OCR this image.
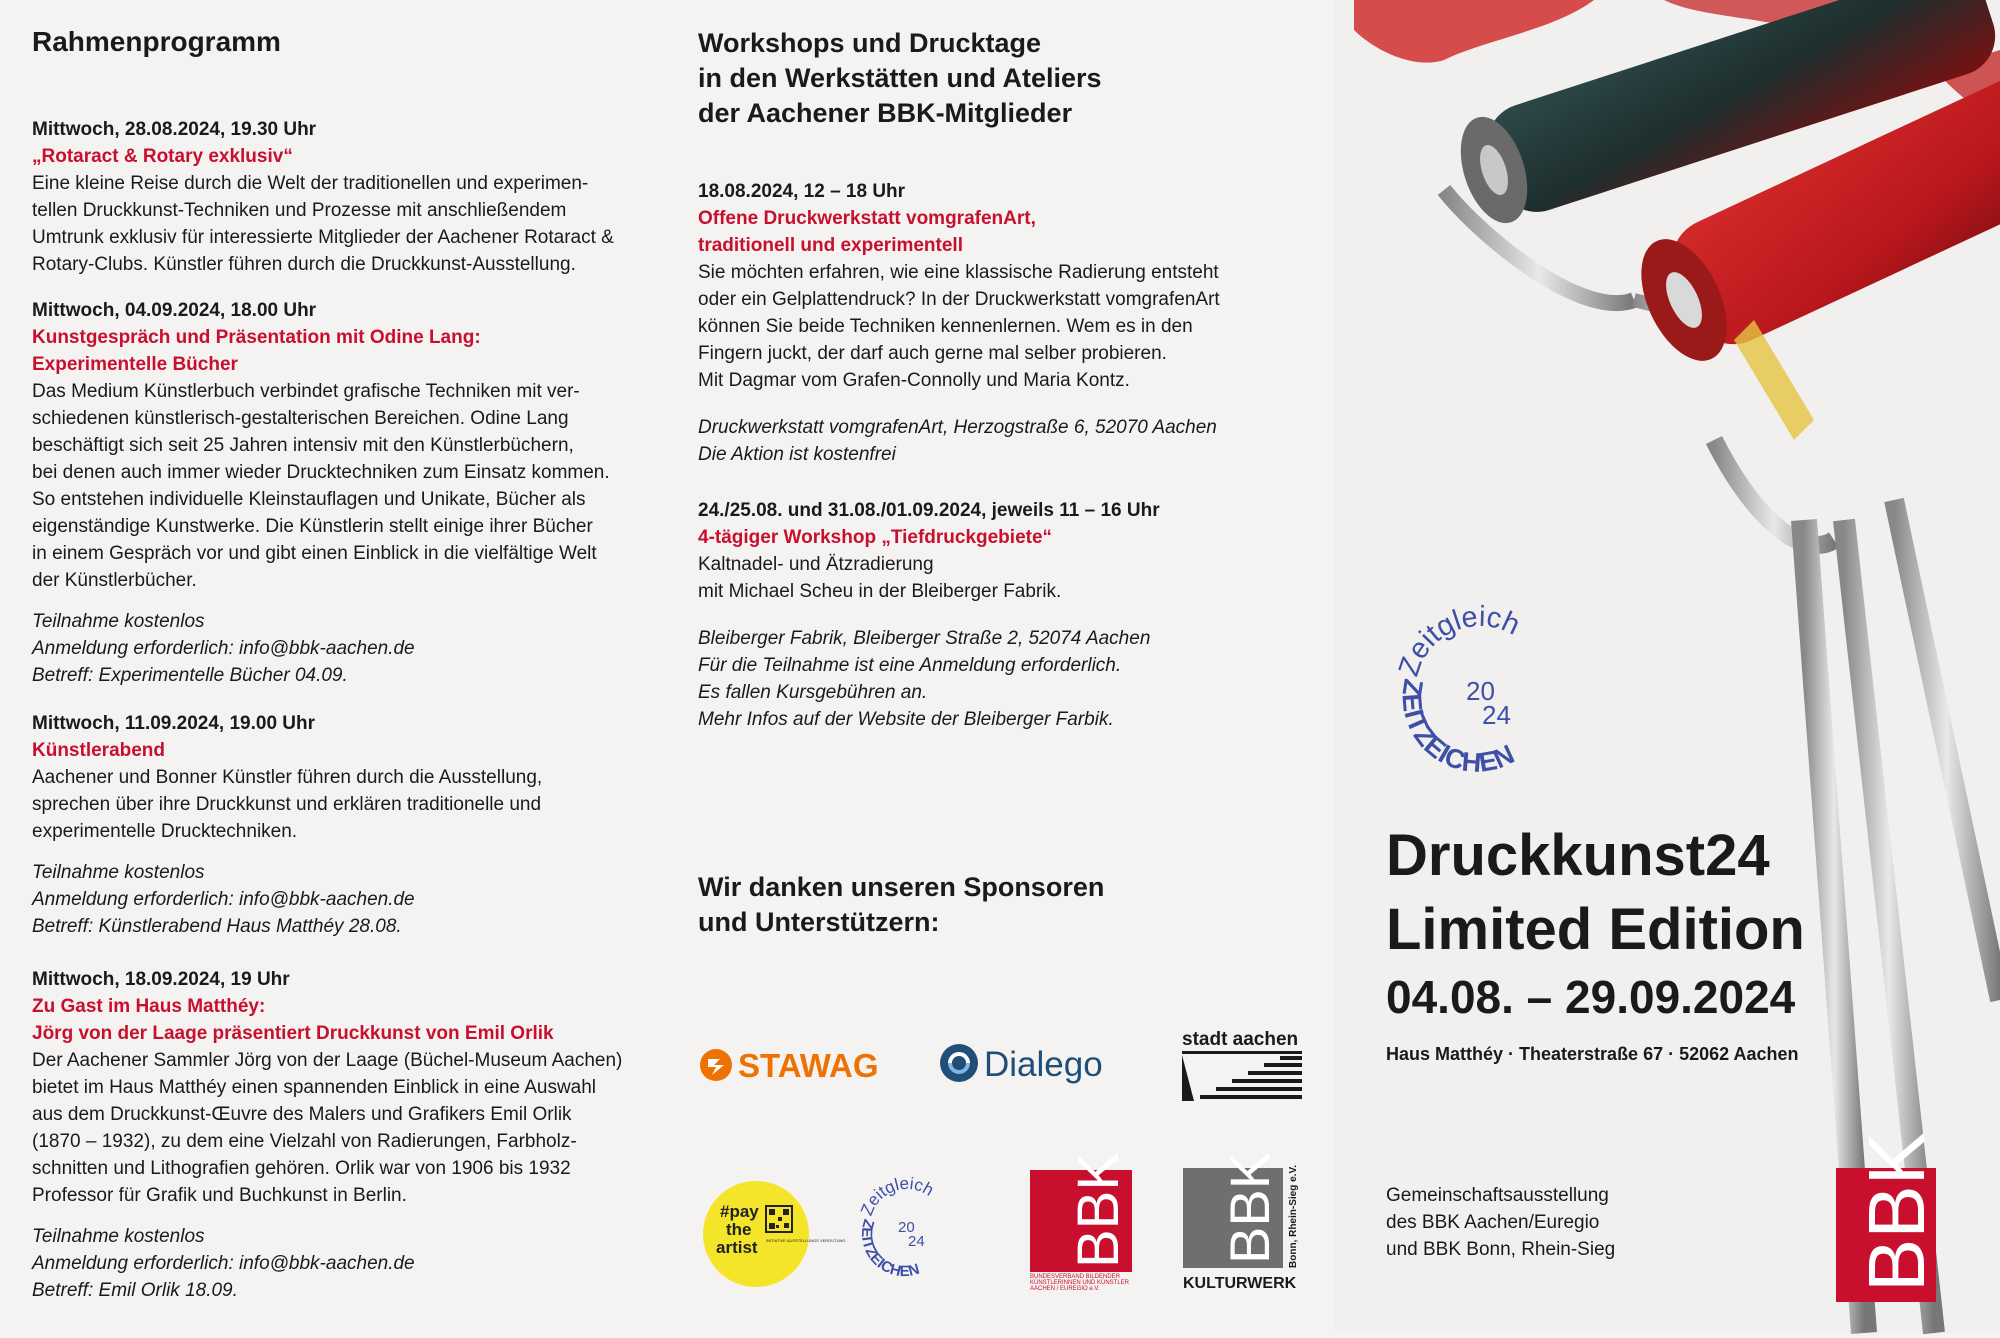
Rahmenprogramm
Mittwoch, 28.08.2024, 19.30 Uhr
„Rotaract & Rotary exklusiv“
Eine kleine Reise durch die Welt der traditionellen und experimen-
tellen Druckkunst-Techniken und Prozesse mit anschließendem
Umtrunk exklusiv für interessierte Mitglieder der Aachener Rotaract &
Rotary-Clubs. Künstler führen durch die Druckkunst-Ausstellung.
Mittwoch, 04.09.2024, 18.00 Uhr
Kunstgespräch und Präsentation mit Odine Lang:
Experimentelle Bücher
Das Medium Künstlerbuch verbindet grafische Techniken mit ver-
schiedenen künstlerisch-gestalterischen Bereichen. Odine Lang
beschäftigt sich seit 25 Jahren intensiv mit den Künstlerbüchern,
bei denen auch immer wieder Drucktechniken zum Einsatz kommen.
So entstehen individuelle Kleinstauflagen und Unikate, Bücher als
eigenständige Kunstwerke. Die Künstlerin stellt einige ihrer Bücher
in einem Gespräch vor und gibt einen Einblick in die vielfältige Welt
der Künstlerbücher.
Teilnahme kostenlos
Anmeldung erforderlich: info@bbk-aachen.de
Betreff: Experimentelle Bücher 04.09.
Mittwoch, 11.09.2024, 19.00 Uhr
Künstlerabend
Aachener und Bonner Künstler führen durch die Ausstellung,
sprechen über ihre Druckkunst und erklären traditionelle und
experimentelle Drucktechniken.
Teilnahme kostenlos
Anmeldung erforderlich: info@bbk-aachen.de
Betreff: Künstlerabend Haus Matthéy 28.08.
Mittwoch, 18.09.2024, 19 Uhr
Zu Gast im Haus Matthéy:
Jörg von der Laage präsentiert Druckkunst von Emil Orlik
Der Aachener Sammler Jörg von der Laage (Büchel-Museum Aachen)
bietet im Haus Matthéy einen spannenden Einblick in eine Auswahl
aus dem Druckkunst-Œuvre des Malers und Grafikers Emil Orlik
(1870 – 1932), zu dem eine Vielzahl von Radierungen, Farbholz-
schnitten und Lithografien gehören. Orlik war von 1906 bis 1932
Professor für Grafik und Buchkunst in Berlin.
Teilnahme kostenlos
Anmeldung erforderlich: info@bbk-aachen.de
Betreff: Emil Orlik 18.09.
Workshops und Drucktage
in den Werkstätten und Ateliers
der Aachener BBK-Mitglieder
18.08.2024, 12 – 18 Uhr
Offene Druckwerkstatt vomgrafenArt,
traditionell und experimentell
Sie möchten erfahren, wie eine klassische Radierung entsteht
oder ein Gelplattendruck? In der Druckwerkstatt vomgrafenArt
können Sie beide Techniken kennenlernen. Wem es in den
Fingern juckt, der darf auch gerne mal selber probieren.
Mit Dagmar vom Grafen-Connolly und Maria Kontz.
Druckwerkstatt vomgrafenArt, Herzogstraße 6, 52070 Aachen
Die Aktion ist kostenfrei
24./25.08. und 31.08./01.09.2024, jeweils 11 – 16 Uhr
4-tägiger Workshop „Tiefdruckgebiete“
Kaltnadel- und Ätzradierung
mit Michael Scheu in der Bleiberger Fabrik.
Bleiberger Fabrik, Bleiberger Straße 2, 52074 Aachen
Für die Teilnahme ist eine Anmeldung erforderlich.
Es fallen Kursgebühren an.
Mehr Infos auf der Website der Bleiberger Farbik.
Wir danken unseren Sponsoren
und Unterstützern:
STAWAG	Dialego
stadt aachen
#pay
the
artist INITIATIVE AUSSTELLUNGS VERGÜTUNG
Zeitgleich
ZEITZEICHEN
20
24 BBK
BUNDESVERBAND BILDENDER
KÜNSTLERINNEN UND KÜNSTLER
AACHEN / EUREGIO e.V.
BBK Bonn, Rhein-Sieg e.V.
KULTURWERK
Zeitgleich
ZEITZEICHEN
20
24
Druckkunst24
Limited Edition
04.08. – 29.09.2024
Haus Matthéy · Theaterstraße 67 · 52062 Aachen
Gemeinschaftsausstellung
des BBK Aachen/Euregio
und BBK Bonn, Rhein-Sieg	BBK
